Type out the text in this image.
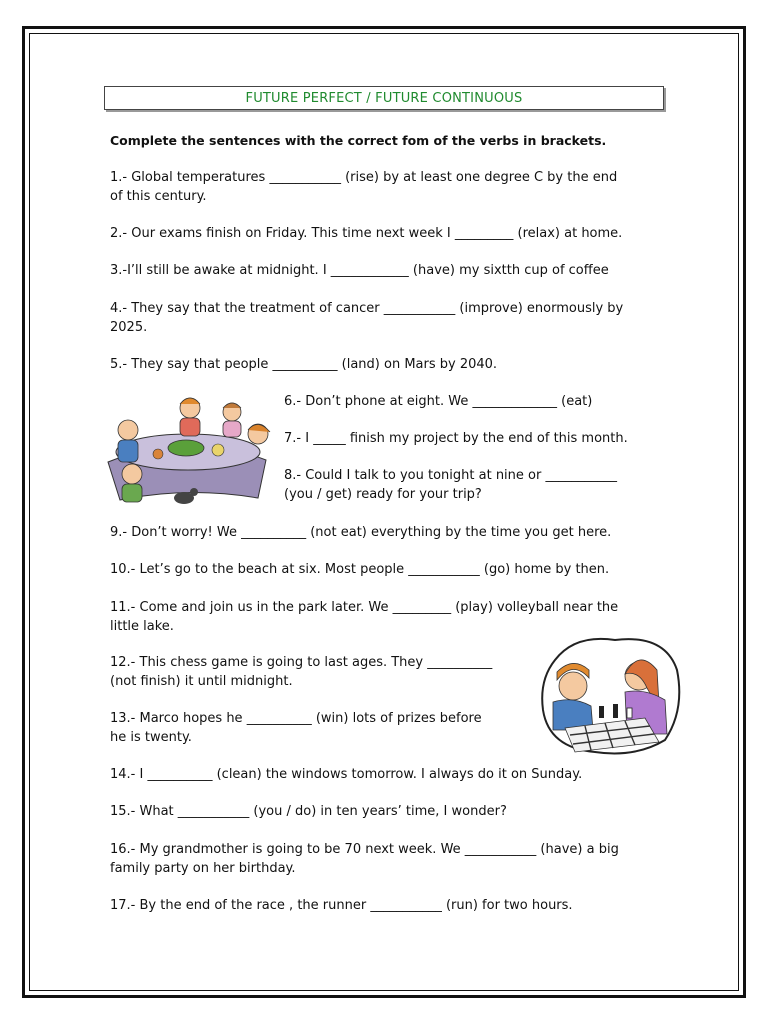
FUTURE PERFECT / FUTURE CONTINUOUS
Complete the sentences with the correct fom of the verbs in brackets.
1.- Global temperatures ___________ (rise) by at least one degree C by the end
of this century.
2.- Our exams finish on Friday. This time next week I _________ (relax) at home.
3.-I’ll still be awake at midnight. I ____________ (have) my sixtth cup of coffee
4.- They say that the treatment of cancer ___________ (improve) enormously by
2025.
5.- They say that people __________ (land) on Mars by 2040.
6.- Don’t phone at eight. We _____________ (eat)
7.- I _____ finish my project by the end of this month.
8.- Could I talk to you tonight at nine or ___________
(you / get) ready for your trip?
9.- Don’t worry! We __________ (not eat) everything by the time you get here.
10.- Let’s go to the beach at six. Most people ___________ (go) home by then.
11.- Come and join us in the park later. We _________ (play) volleyball near the
little lake.
12.- This chess game is going to last ages. They __________
(not finish) it until midnight.
13.- Marco hopes he __________ (win) lots of prizes before
he is twenty.
14.- I __________ (clean) the windows tomorrow. I always do it on Sunday.
15.- What ___________ (you / do) in ten years’ time, I wonder?
16.- My grandmother is going to be 70 next week. We ___________ (have) a big
family party on her birthday.
17.- By the end of the race , the runner ___________ (run) for two hours.
